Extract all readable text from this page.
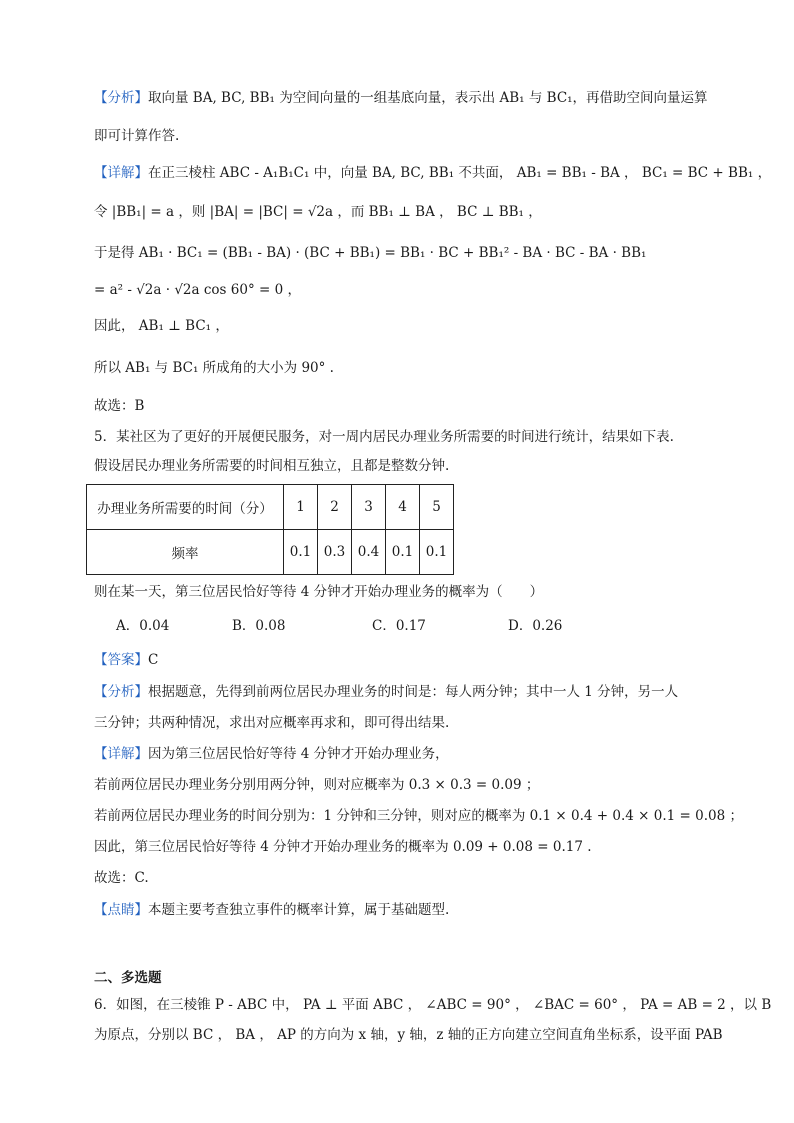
【分析】取向量 BA, BC, BB₁ 为空间向量的一组基底向量，表示出 AB₁ 与 BC₁，再借助空间向量运算
即可计算作答.
【详解】在正三棱柱 ABC - A₁B₁C₁ 中，向量 BA, BC, BB₁ 不共面， AB₁ = BB₁ - BA ， BC₁ = BC + BB₁ ，
令 |BB₁| = a ，则 |BA| = |BC| = √2a ，而 BB₁ ⊥ BA ， BC ⊥ BB₁ ，
于是得 AB₁ · BC₁ = (BB₁ - BA) · (BC + BB₁) = BB₁ · BC + BB₁² - BA · BC - BA · BB₁
= a² - √2a · √2a cos 60° = 0 ，
因此， AB₁ ⊥ BC₁ ，
所以 AB₁ 与 BC₁ 所成角的大小为 90° .
故选：B
5．某社区为了更好的开展便民服务，对一周内居民办理业务所需要的时间进行统计，结果如下表.
假设居民办理业务所需要的时间相互独立，且都是整数分钟.
办理业务所需要的时间（分）	1	2	3	4	5
频率	0.1	0.3	0.4	0.1	0.1
则在某一天，第三位居民恰好等待 4 分钟才开始办理业务的概率为（　　）
A．0.04	B．0.08	C．0.17	D．0.26
【答案】C
【分析】根据题意，先得到前两位居民办理业务的时间是：每人两分钟；其中一人 1 分钟，另一人
三分钟；共两种情况，求出对应概率再求和，即可得出结果.
【详解】因为第三位居民恰好等待 4 分钟才开始办理业务，
若前两位居民办理业务分别用两分钟，则对应概率为 0.3 × 0.3 = 0.09 ；
若前两位居民办理业务的时间分别为：1 分钟和三分钟，则对应的概率为 0.1 × 0.4 + 0.4 × 0.1 = 0.08 ；
因此，第三位居民恰好等待 4 分钟才开始办理业务的概率为 0.09 + 0.08 = 0.17 .
故选：C.
【点睛】本题主要考查独立事件的概率计算，属于基础题型.
二、多选题
6．如图，在三棱锥 P - ABC 中， PA ⊥ 平面 ABC ， ∠ABC = 90° ， ∠BAC = 60° ， PA = AB = 2 ，以 B
为原点，分别以 BC ， BA ， AP 的方向为 x 轴，y 轴，z 轴的正方向建立空间直角坐标系，设平面 PAB
